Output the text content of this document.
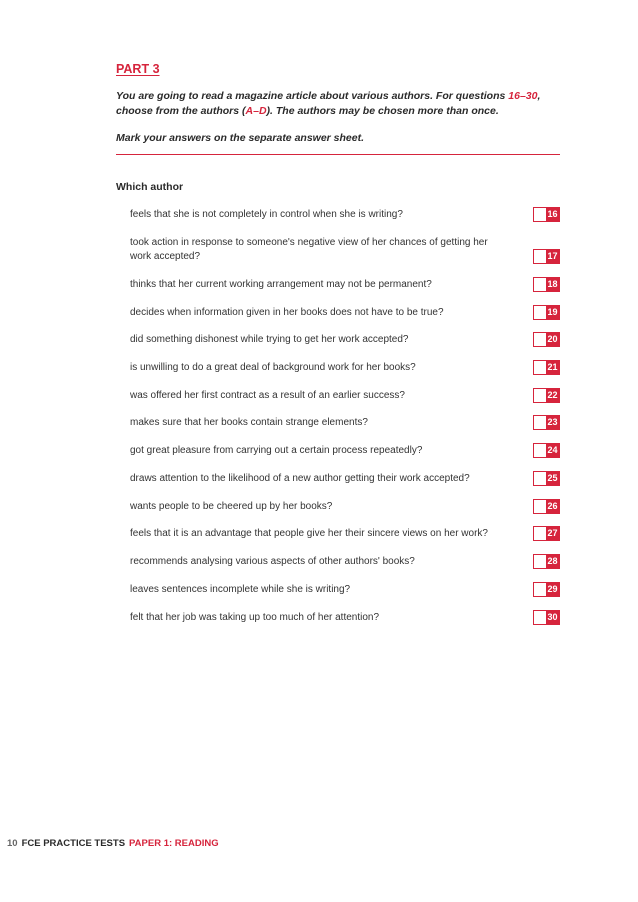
PART 3
You are going to read a magazine article about various authors. For questions 16–30, choose from the authors (A–D). The authors may be chosen more than once.
Mark your answers on the separate answer sheet.
Which author
feels that she is not completely in control when she is writing?	16
took action in response to someone's negative view of her chances of getting her work accepted?	17
thinks that her current working arrangement may not be permanent?	18
decides when information given in her books does not have to be true?	19
did something dishonest while trying to get her work accepted?	20
is unwilling to do a great deal of background work for her books?	21
was offered her first contract as a result of an earlier success?	22
makes sure that her books contain strange elements?	23
got great pleasure from carrying out a certain process repeatedly?	24
draws attention to the likelihood of a new author getting their work accepted?	25
wants people to be cheered up by her books?	26
feels that it is an advantage that people give her their sincere views on her work?	27
recommends analysing various aspects of other authors' books?	28
leaves sentences incomplete while she is writing?	29
felt that her job was taking up too much of her attention?	30
10 FCE PRACTICE TESTS PAPER 1: READING
